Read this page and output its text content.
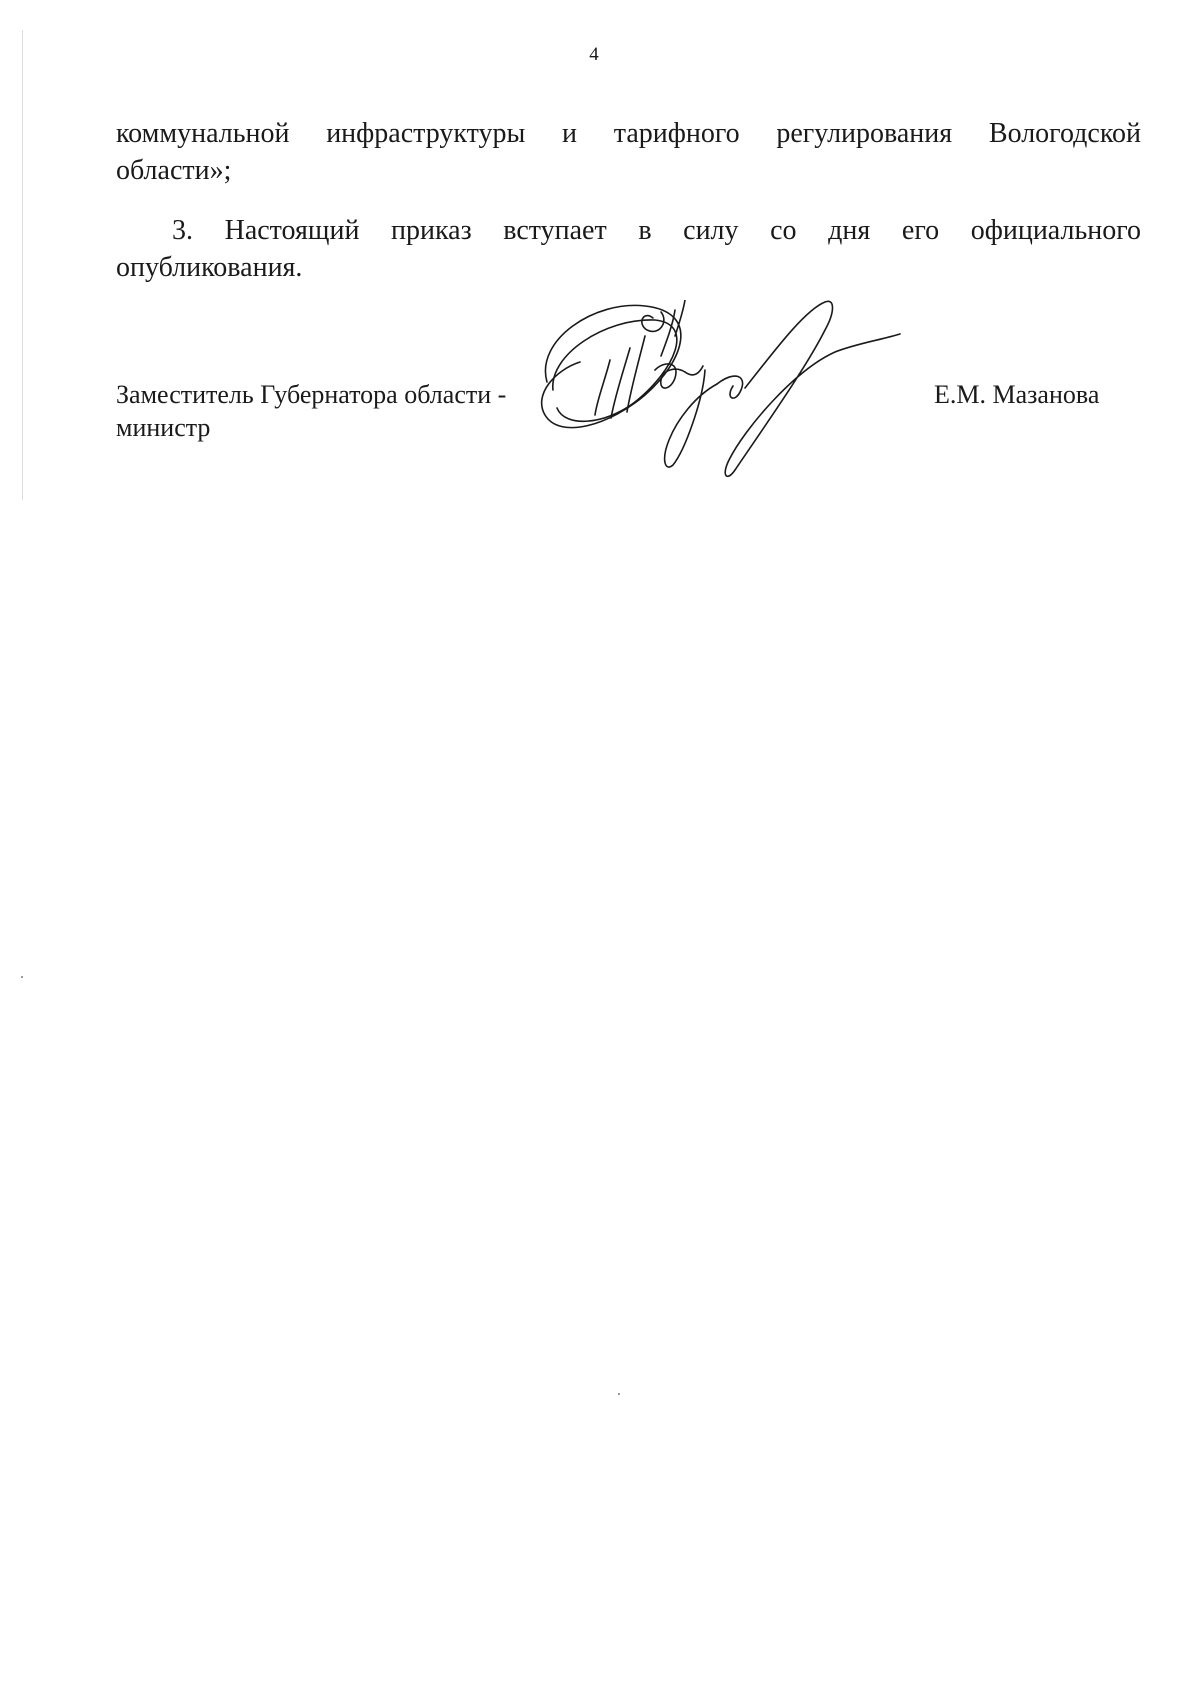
4
коммунальной инфраструктуры и тарифного регулирования Вологодской
области»;
3. Настоящий приказ вступает в силу со дня его официального
опубликования.
Заместитель Губернатора области -
министр
Е.М. Мазанова
